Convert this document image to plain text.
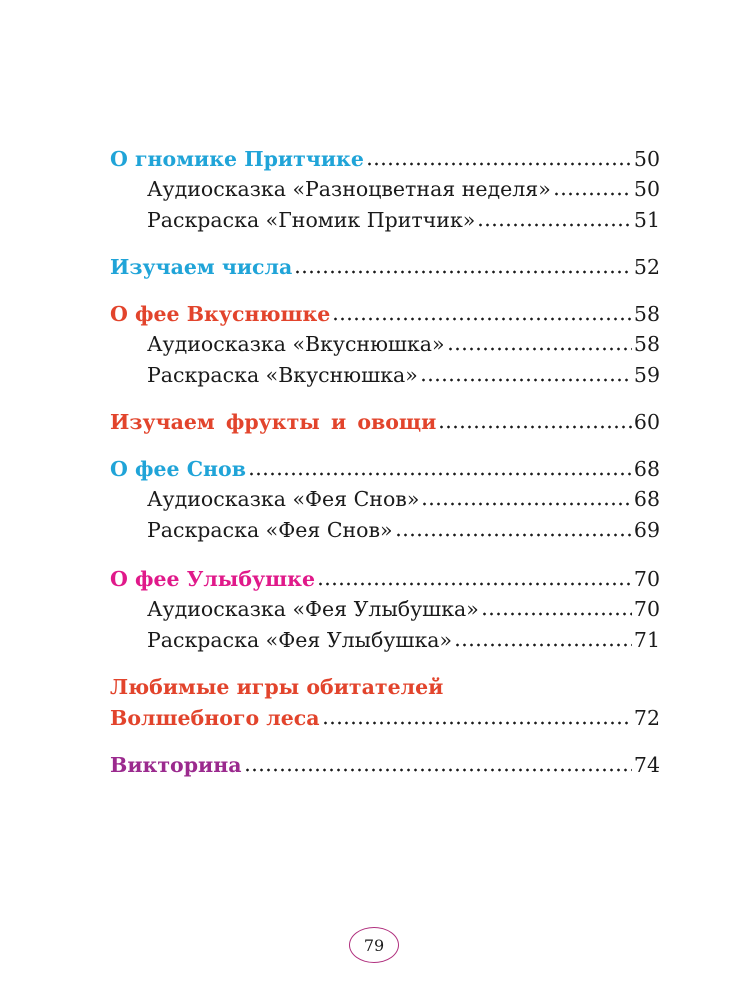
О гномике Притчике	50
Аудиосказка «Разноцветная неделя»	50
Раскраска «Гномик Притчик»	51
Изучаем числа	52
О фее Вкуснюшке	58
Аудиосказка «Вкуснюшка»	58
Раскраска «Вкуснюшка»	59
Изучаем фрукты и овощи	60
О фее Снов	68
Аудиосказка «Фея Снов»	68
Раскраска «Фея Снов»	69
О фее Улыбушке	70
Аудиосказка «Фея Улыбушка»	70
Раскраска «Фея Улыбушка»	71
Любимые игры обитателей
Волшебного леса	72
Викторина	74
79
